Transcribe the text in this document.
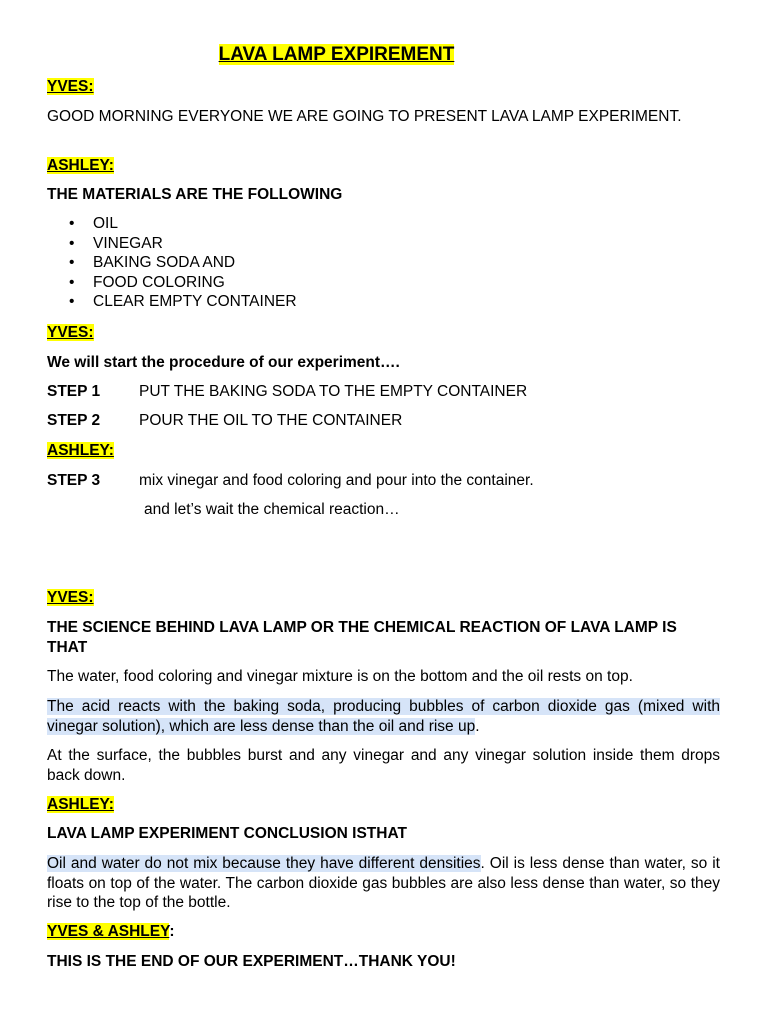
LAVA LAMP EXPIREMENT
YVES:
GOOD MORNING EVERYONE WE ARE GOING TO PRESENT LAVA LAMP EXPERIMENT.
ASHLEY:
THE MATERIALS ARE THE FOLLOWING
• OIL
• VINEGAR
• BAKING SODA AND
• FOOD COLORING
• CLEAR EMPTY CONTAINER
YVES:
We will start the procedure of our experiment….
STEP 1	PUT THE BAKING SODA TO THE EMPTY CONTAINER
STEP 2	POUR THE OIL TO THE CONTAINER
ASHLEY:
STEP 3	mix vinegar and food coloring and pour into the container.
and let’s wait the chemical reaction…
YVES:
THE SCIENCE BEHIND LAVA LAMP OR THE CHEMICAL REACTION OF LAVA LAMP IS THAT
The water, food coloring and vinegar mixture is on the bottom and the oil rests on top.
The acid reacts with the baking soda, producing bubbles of carbon dioxide gas (mixed with vinegar solution), which are less dense than the oil and rise up.
At the surface, the bubbles burst and any vinegar and any vinegar solution inside them drops back down.
ASHLEY:
LAVA LAMP EXPERIMENT CONCLUSION ISTHAT
Oil and water do not mix because they have different densities. Oil is less dense than water, so it floats on top of the water. The carbon dioxide gas bubbles are also less dense than water, so they rise to the top of the bottle.
YVES & ASHLEY:
THIS IS THE END OF OUR EXPERIMENT…THANK YOU!
